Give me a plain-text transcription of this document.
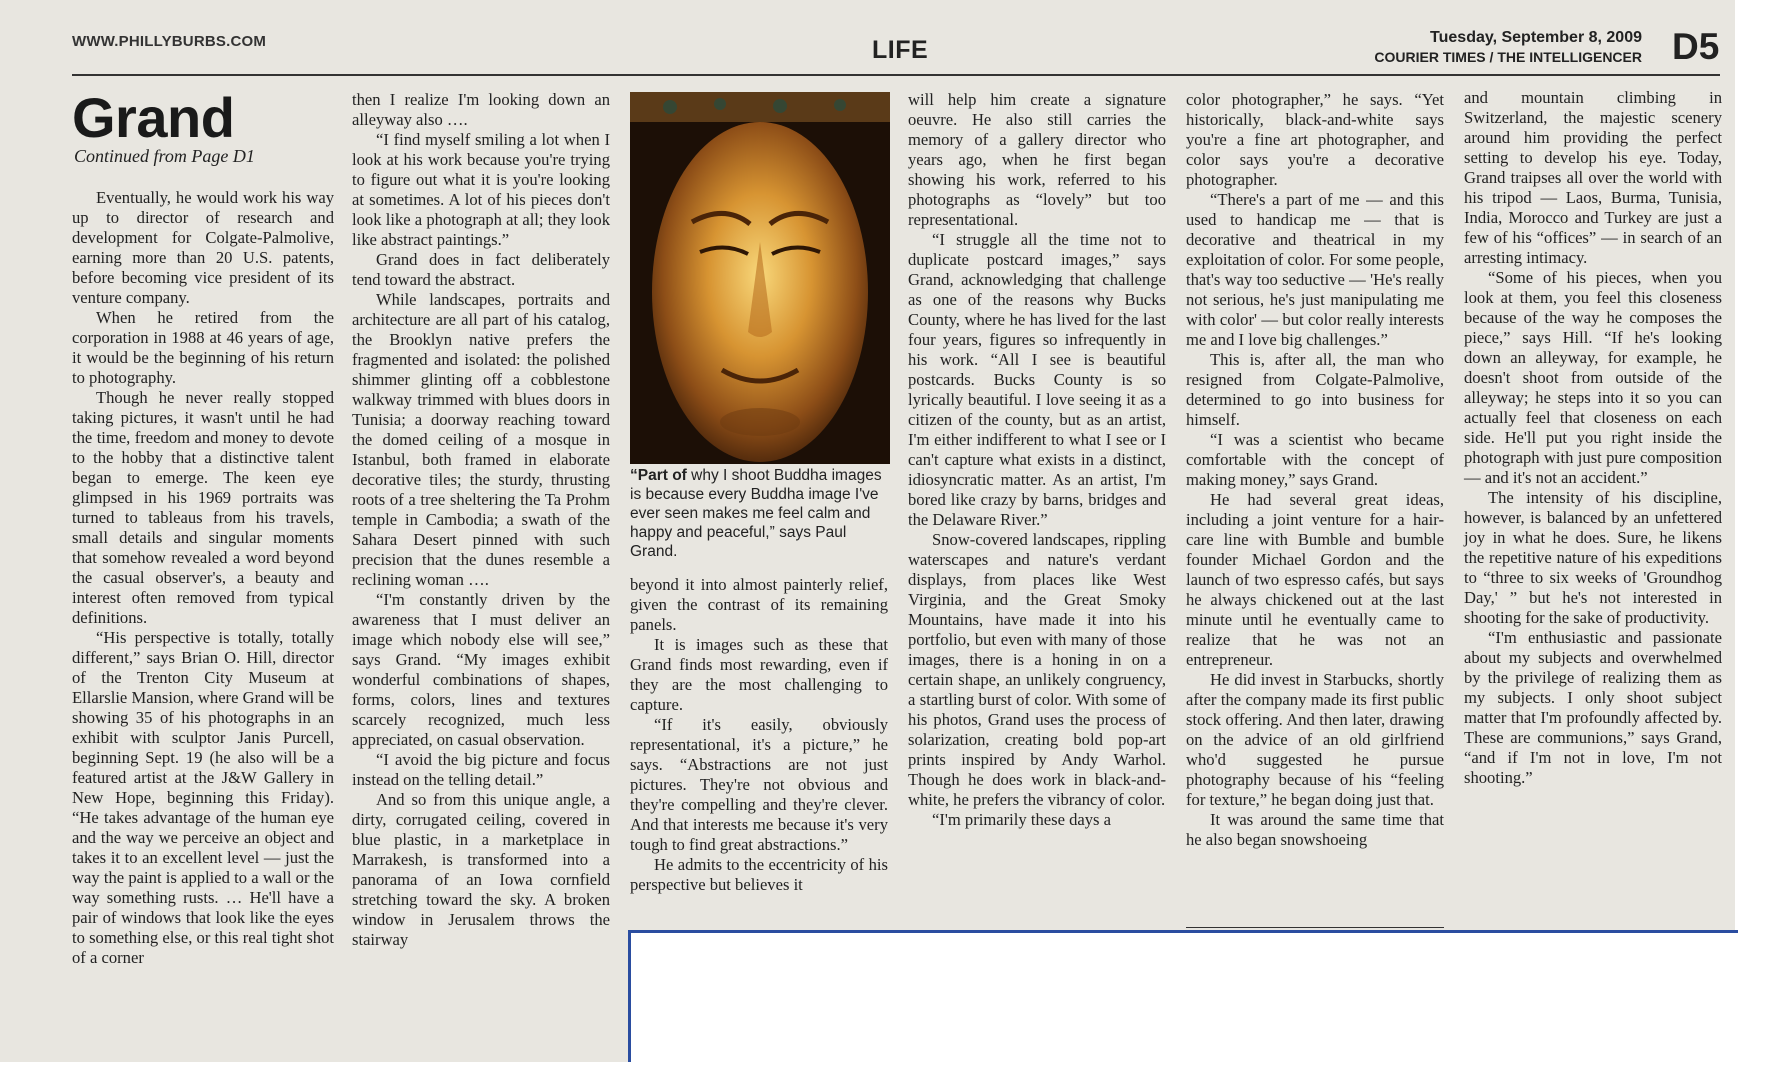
WWW.PHILLYBURBS.COM	LIFE	Tuesday, September 8, 2009
COURIER TIMES / THE INTELLIGENCER D5
Grand
Continued from Page D1

Eventually, he would work his way up to director of research and development for Colgate-Palmolive, earning more than 20 U.S. patents, before becoming vice president of its venture company.

When he retired from the corporation in 1988 at 46 years of age, it would be the beginning of his return to photography.

Though he never really stopped taking pictures, it wasn't until he had the time, freedom and money to devote to the hobby that a distinctive talent began to emerge. The keen eye glimpsed in his 1969 portraits was turned to tableaus from his travels, small details and singular moments that somehow revealed a word beyond the casual observer's, a beauty and interest often removed from typical definitions.

“His perspective is totally, totally different,” says Brian O. Hill, director of the Trenton City Museum at Ellarslie Mansion, where Grand will be showing 35 of his photographs in an exhibit with sculptor Janis Purcell, beginning Sept. 19 (he also will be a featured artist at the J&W Gallery in New Hope, beginning this Friday). “He takes advantage of the human eye and the way we perceive an object and takes it to an excellent level — just the way the paint is applied to a wall or the way something rusts. … He'll have a pair of windows that look like the eyes to something else, or this real tight shot of a corner

then I realize I'm looking down an alleyway also ….

“I find myself smiling a lot when I look at his work because you're trying to figure out what it is you're looking at sometimes. A lot of his pieces don't look like a photograph at all; they look like abstract paintings.”

Grand does in fact deliberately tend toward the abstract.

While landscapes, portraits and architecture are all part of his catalog, the Brooklyn native prefers the fragmented and isolated: the polished shimmer glinting off a cobblestone walkway trimmed with blues doors in Tunisia; a doorway reaching toward the domed ceiling of a mosque in Istanbul, both framed in elaborate decorative tiles; the sturdy, thrusting roots of a tree sheltering the Ta Prohm temple in Cambodia; a swath of the Sahara Desert pinned with such precision that the dunes resemble a reclining woman ….

“I'm constantly driven by the awareness that I must deliver an image which nobody else will see,” says Grand. “My images exhibit wonderful combinations of shapes, forms, colors, lines and textures scarcely recognized, much less appreciated, on casual observation.

“I avoid the big picture and focus instead on the telling detail.”

And so from this unique angle, a dirty, corrugated ceiling, covered in blue plastic, in a marketplace in Marrakesh, is transformed into a panorama of an Iowa cornfield stretching toward the sky. A broken window in Jerusalem throws the stairway

beyond it into almost painterly relief, given the contrast of its remaining panels.

It is images such as these that Grand finds most rewarding, even if they are the most challenging to capture.

“If it's easily, obviously representational, it's a picture,” he says. “Abstractions are not just pictures. They're not obvious and they're compelling and they're clever. And that interests me because it's very tough to find great abstractions.”

He admits to the eccentricity of his perspective but believes it

will help him create a signature oeuvre. He also still carries the memory of a gallery director who years ago, when he first began showing his work, referred to his photographs as “lovely” but too representational.

“I struggle all the time not to duplicate postcard images,” says Grand, acknowledging that challenge as one of the reasons why Bucks County, where he has lived for the last four years, figures so infrequently in his work. “All I see is beautiful postcards. Bucks County is so lyrically beautiful. I love seeing it as a citizen of the county, but as an artist, I'm either indifferent to what I see or I can't capture what exists in a distinct, idiosyncratic matter. As an artist, I'm bored like crazy by barns, bridges and the Delaware River.”

Snow-covered landscapes, rippling waterscapes and nature's verdant displays, from places like West Virginia, and the Great Smoky Mountains, have made it into his portfolio, but even with many of those images, there is a honing in on a certain shape, an unlikely congruency, a startling burst of color. With some of his photos, Grand uses the process of solarization, creating bold pop-art prints inspired by Andy Warhol. Though he does work in black-and-white, he prefers the vibrancy of color.

“I'm primarily these days a

color photographer,” he says. “Yet historically, black-and-white says you're a fine art photographer, and color says you're a decorative photographer.

“There's a part of me — and this used to handicap me — that is decorative and theatrical in my exploitation of color. For some people, that's way too seductive — 'He's really not serious, he's just manipulating me with color' — but color really interests me and I love big challenges.”

This is, after all, the man who resigned from Colgate-Palmolive, determined to go into business for himself.

“I was a scientist who became comfortable with the concept of making money,” says Grand.

He had several great ideas, including a joint venture for a hair-care line with Bumble and bumble founder Michael Gordon and the launch of two espresso cafés, but says he always chickened out at the last minute until he eventually came to realize that he was not an entrepreneur.

He did invest in Starbucks, shortly after the company made its first public stock offering. And then later, drawing on the advice of an old girlfriend who'd suggested he pursue photography because of his “feeling for texture,” he began doing just that.

It was around the same time that he also began snowshoeing

and mountain climbing in Switzerland, the majestic scenery around him providing the perfect setting to develop his eye. Today, Grand traipses all over the world with his tripod — Laos, Burma, Tunisia, India, Morocco and Turkey are just a few of his “offices” — in search of an arresting intimacy.

“Some of his pieces, when you look at them, you feel this closeness because of the way he composes the piece,” says Hill. “If he's looking down an alleyway, for example, he doesn't shoot from outside of the alleyway; he steps into it so you can actually feel that closeness on each side. He'll put you right inside the photograph with just pure composition — and it's not an accident.”

The intensity of his discipline, however, is balanced by an unfettered joy in what he does. Sure, he likens the repetitive nature of his expeditions to “three to six weeks of 'Groundhog Day,' ” but he's not interested in shooting for the sake of productivity.

“I'm enthusiastic and passionate about my subjects and overwhelmed by the privilege of realizing them as my subjects. I only shoot subject matter that I'm profoundly affected by. These are communions,” says Grand, “and if I'm not in love, I'm not shooting.”

“Part of why I shoot Buddha images is because every Buddha image I've ever seen makes me feel calm and happy and peaceful,” says Paul Grand.
